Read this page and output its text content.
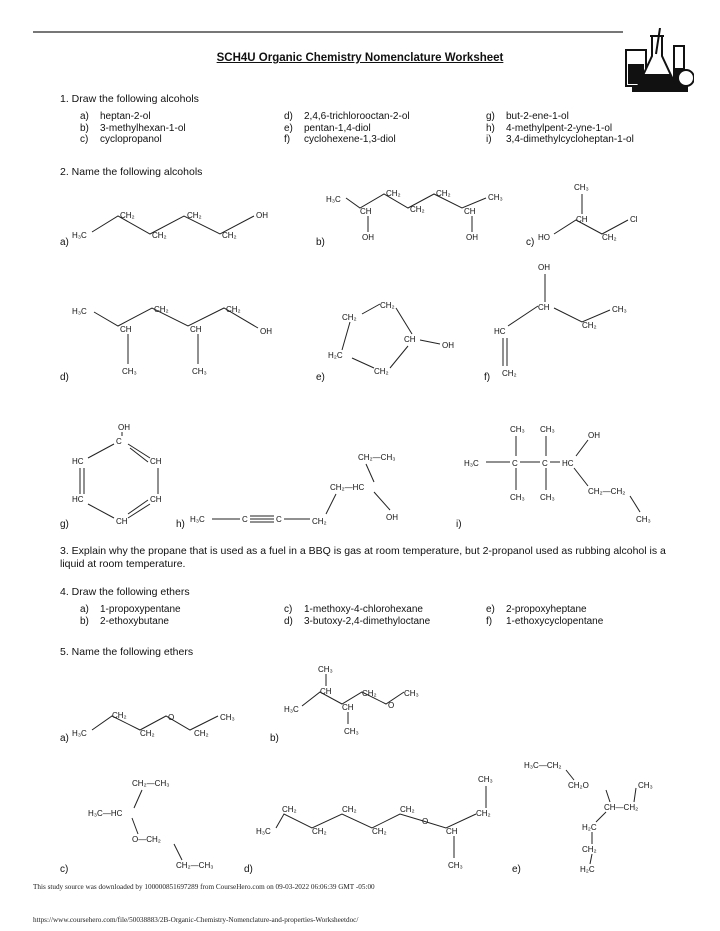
SCH4U Organic Chemistry Nomenclature Worksheet
1. Draw the following alcohols
a) heptan-2-ol
b) 3-methylhexan-1-ol
c) cyclopropanol
d) 2,4,6-trichlorooctan-2-ol
e) pentan-1,4-diol
f) cyclohexene-1,3-diol
g) but-2-ene-1-ol
h) 4-methylpent-2-yne-1-ol
i) 3,4-dimethylcycloheptan-1-ol
2. Name the following alcohols
a)	b)	c)
d)	e)	f)
g)	h)	i)
H₃C
CH₂
CH₂
CH₂
CH₂
OH
H₃C
CH
OH
CH₂
CH₂
CH₂
CH
OH
CH₃
CH₃
CH
HO	CH₂
Cl
H₃C
CH
CH₃
CH₂
CH
CH₃
CH₂
OH
CH₂
CH₂
H₂C
CH₂
CH
OH
OH
CH
HC
CH₂
CH₂
CH₃
OH
C
HC	CH
HC	CH
CH	H₃C	C	C	CH₂
CH₂—HC
CH₂—CH₃
OH
CH₃ CH₃
H₃C	C	C HC
OH
CH₃ CH₃
CH₂—CH₂
CH₃
3. Explain why the propane that is used as a fuel in a BBQ is gas at room temperature, but 2-propanol used as rubbing alcohol is a liquid at room temperature.
4. Draw the following ethers
a) 1-propoxypentane
b) 2-ethoxybutane
c) 1-methoxy-4-chlorohexane
d) 3-butoxy-2,4-dimethyloctane
e) 2-propoxyheptane
f) 1-ethoxycyclopentane
5. Name the following ethers
a)	b)
c)	d)	e)
H₃C
CH₂
CH₂
O
CH₂
CH₃
CH₃
CH
H₃C	CH
CH₃
CH₂
O
CH₃
CH₂—CH₃
H₃C—HC
O—CH₂
CH₂—CH₃
H₃C
CH₂
CH₂
CH₂
CH₂
CH₂
O
CH
CH₂
CH₃
CH₃
H₃C—CH₂
CH₂O	CH₃
CH—CH₂
H₂C
CH₂
H₂C
This study source was downloaded by 100000851697289 from CourseHero.com on 09-03-2022 06:06:39 GMT -05:00
https://www.coursehero.com/file/50038883/2B-Organic-Chemistry-Nomenclature-and-properties-Worksheetdoc/
